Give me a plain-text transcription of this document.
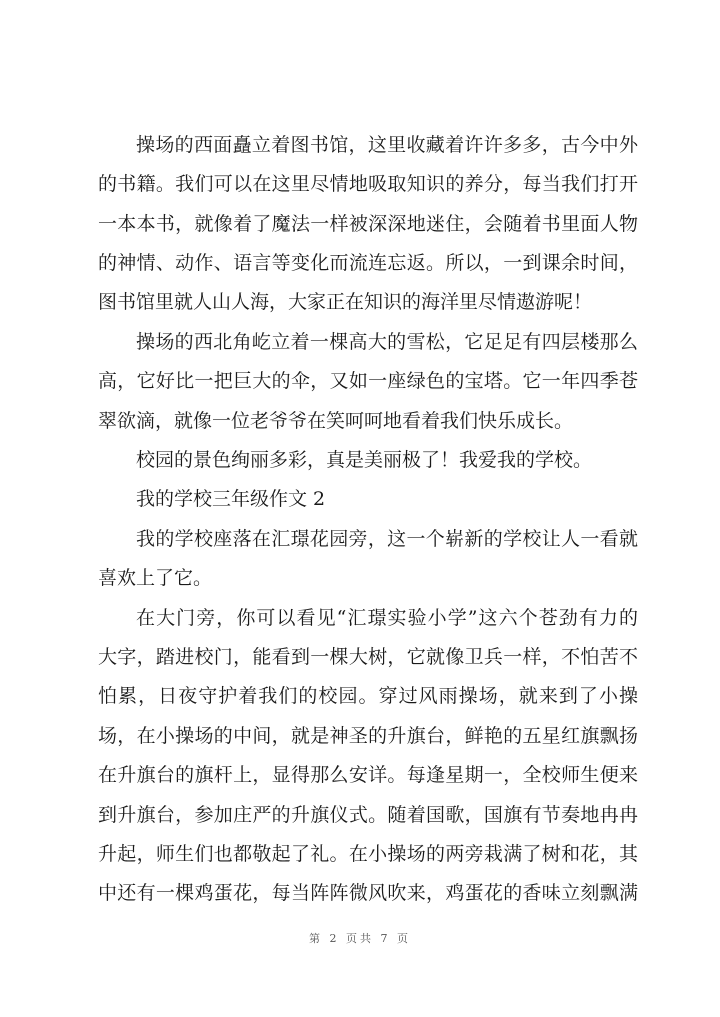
操场的西面矗立着图书馆，这里收藏着许许多多，古今中外
的书籍。我们可以在这里尽情地吸取知识的养分，每当我们打开
一本本书，就像着了魔法一样被深深地迷住，会随着书里面人物
的神情、动作、语言等变化而流连忘返。所以，一到课余时间，
图书馆里就人山人海，大家正在知识的海洋里尽情遨游呢！
操场的西北角屹立着一棵高大的雪松，它足足有四层楼那么
高，它好比一把巨大的伞，又如一座绿色的宝塔。它一年四季苍
翠欲滴，就像一位老爷爷在笑呵呵地看着我们快乐成长。
校园的景色绚丽多彩，真是美丽极了！我爱我的学校。
我的学校三年级作文 2
我的学校座落在汇璟花园旁，这一个崭新的学校让人一看就
喜欢上了它。
在大门旁，你可以看见“汇璟实验小学”这六个苍劲有力的
大字，踏进校门，能看到一棵大树，它就像卫兵一样，不怕苦不
怕累，日夜守护着我们的校园。穿过风雨操场，就来到了小操
场，在小操场的中间，就是神圣的升旗台，鲜艳的五星红旗飘扬
在升旗台的旗杆上，显得那么安详。每逢星期一，全校师生便来
到升旗台，参加庄严的升旗仪式。随着国歌，国旗有节奏地冉冉
升起，师生们也都敬起了礼。在小操场的两旁栽满了树和花，其
中还有一棵鸡蛋花，每当阵阵微风吹来，鸡蛋花的香味立刻飘满
第 2 页共 7 页
